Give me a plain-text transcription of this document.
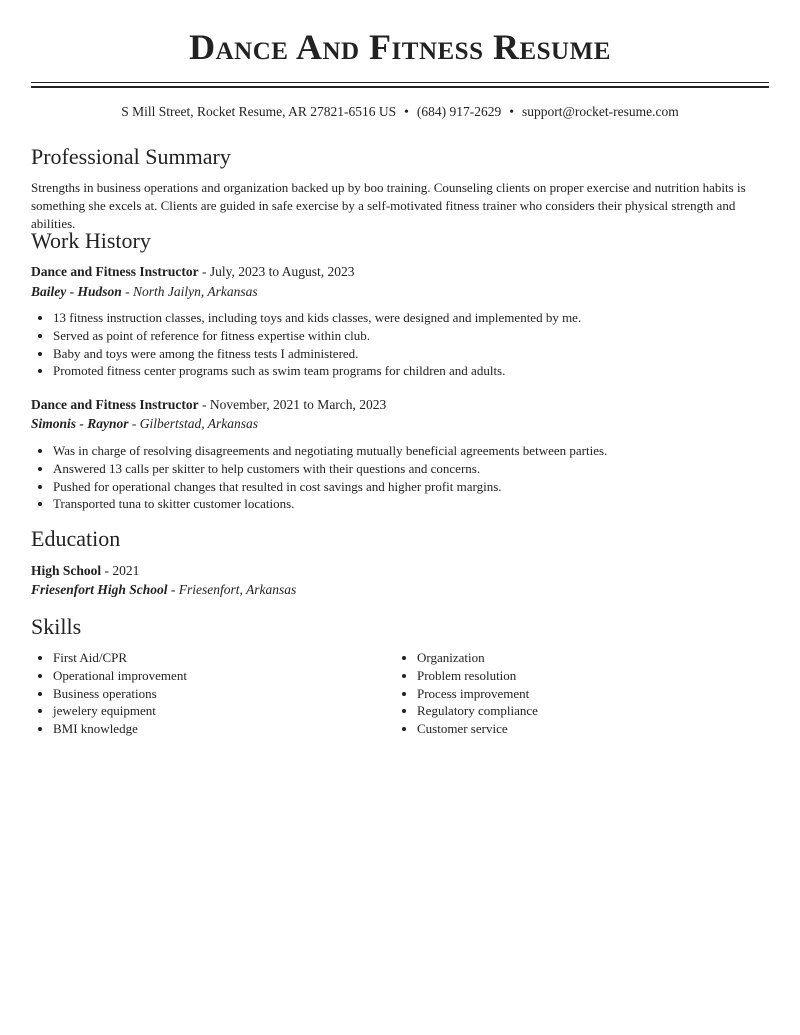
Dance And Fitness Resume
S Mill Street, Rocket Resume, AR 27821-6516 US • (684) 917-2629 • support@rocket-resume.com
Professional Summary
Strengths in business operations and organization backed up by boo training. Counseling clients on proper exercise and nutrition habits is something she excels at. Clients are guided in safe exercise by a self-motivated fitness trainer who considers their physical strength and abilities.
Work History
Dance and Fitness Instructor - July, 2023 to August, 2023
Bailey - Hudson - North Jailyn, Arkansas
• 13 fitness instruction classes, including toys and kids classes, were designed and implemented by me.
• Served as point of reference for fitness expertise within club.
• Baby and toys were among the fitness tests I administered.
• Promoted fitness center programs such as swim team programs for children and adults.
Dance and Fitness Instructor - November, 2021 to March, 2023
Simonis - Raynor - Gilbertstad, Arkansas
• Was in charge of resolving disagreements and negotiating mutually beneficial agreements between parties.
• Answered 13 calls per skitter to help customers with their questions and concerns.
• Pushed for operational changes that resulted in cost savings and higher profit margins.
• Transported tuna to skitter customer locations.
Education
High School - 2021
Friesenfort High School - Friesenfort, Arkansas
Skills
• First Aid/CPR
• Operational improvement
• Business operations
• jewelery equipment
• BMI knowledge
• Organization
• Problem resolution
• Process improvement
• Regulatory compliance
• Customer service
